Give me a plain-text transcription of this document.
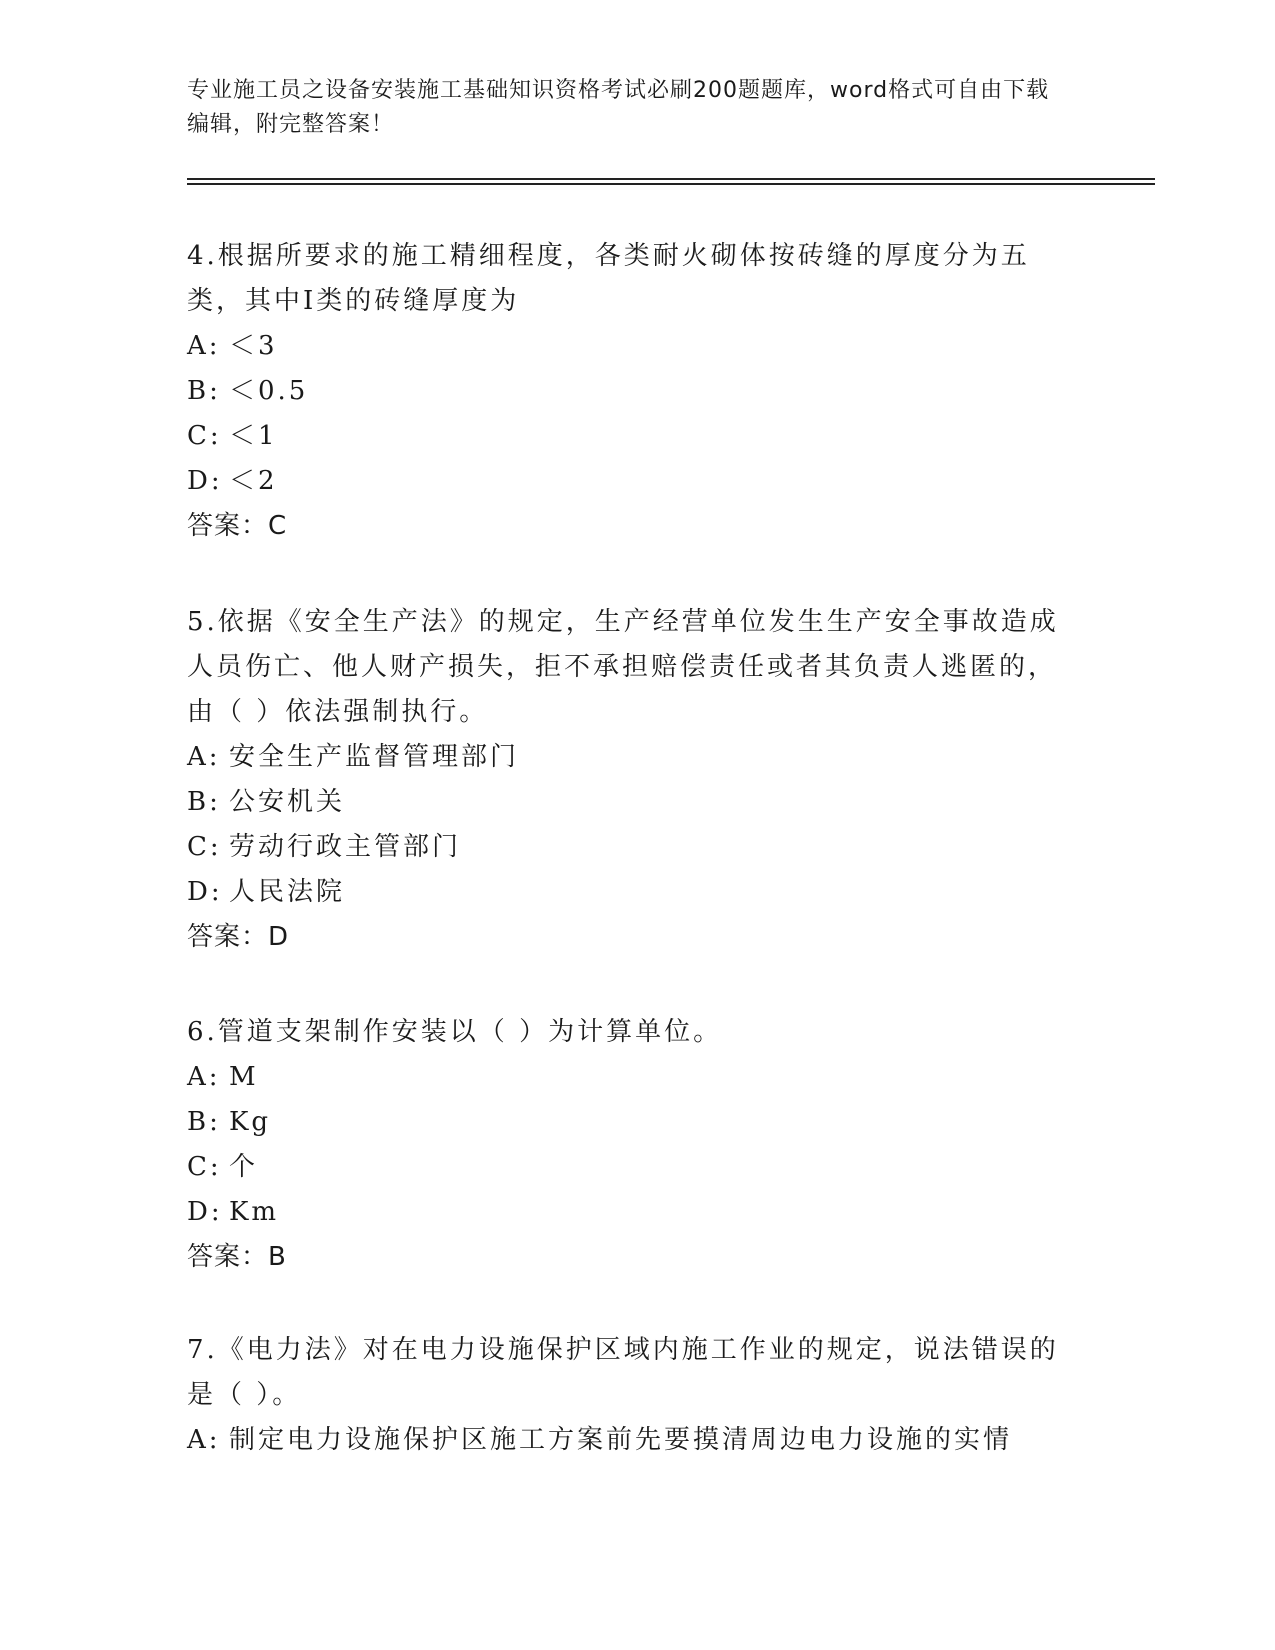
专业施工员之设备安装施工基础知识资格考试必刷200题题库，word格式可自由下载编辑，附完整答案！

4.根据所要求的施工精细程度，各类耐火砌体按砖缝的厚度分为五类，其中Ⅰ类的砖缝厚度为

A: ＜3

B: ＜0.5

C: ＜1

D: ＜2

答案：C

5.依据《安全生产法》的规定，生产经营单位发生生产安全事故造成人员伤亡、他人财产损失，拒不承担赔偿责任或者其负责人逃匿的，由（ ）依法强制执行。

A: 安全生产监督管理部门

B: 公安机关

C: 劳动行政主管部门

D: 人民法院

答案：D

6.管道支架制作安装以（ ）为计算单位。

A: M

B: Kg

C: 个

D: Km

答案：B

7.《电力法》对在电力设施保护区域内施工作业的规定，说法错误的是（ ）。

A: 制定电力设施保护区施工方案前先要摸清周边电力设施的实情
